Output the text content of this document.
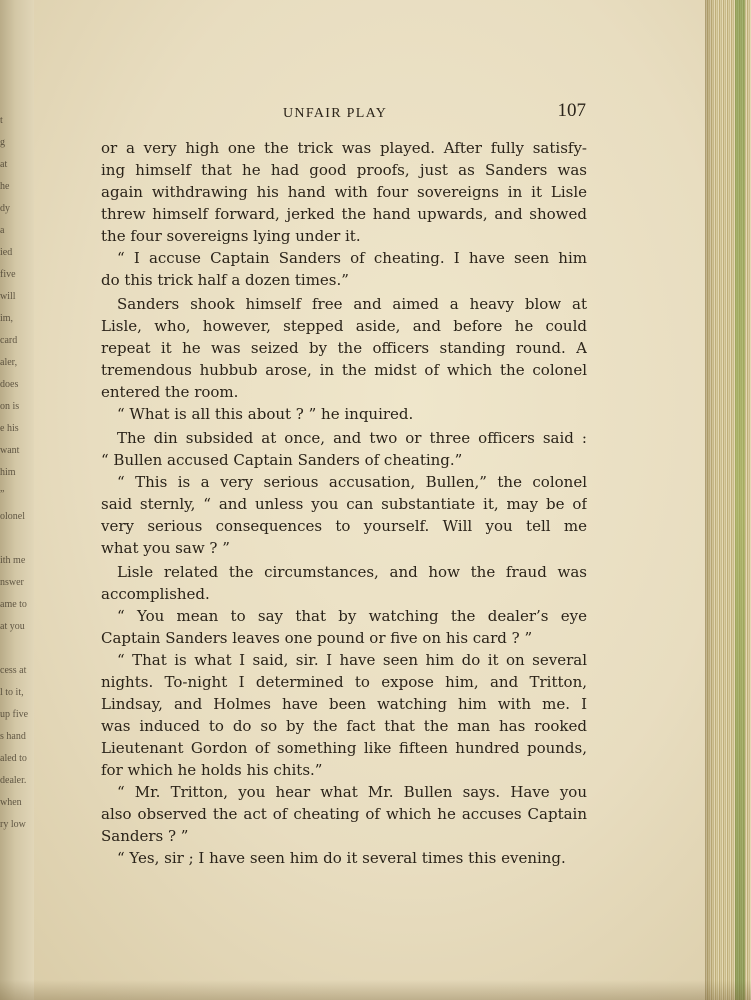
t
g
at
he
dy
a
ied
five
will
im,
card
aler,
does
on is
e his
want
him
”
olonel
ith me
nswer
ame to
at you
cess at
l to it,
up five
s hand
aled to
dealer.
when
ry low
UNFAIR PLAY	107
or a very high one the trick was played. After fully satisfy-
ing himself that he had good proofs, just as Sanders was
again withdrawing his hand with four sovereigns in it Lisle
threw himself forward, jerked the hand upwards, and showed
the four sovereigns lying under it.
“ I accuse Captain Sanders of cheating. I have seen him
do this trick half a dozen times.”
Sanders shook himself free and aimed a heavy blow at
Lisle, who, however, stepped aside, and before he could
repeat it he was seized by the officers standing round. A
tremendous hubbub arose, in the midst of which the colonel
entered the room.
“ What is all this about ? ” he inquired.
The din subsided at once, and two or three officers said :
“ Bullen accused Captain Sanders of cheating.”
“ This is a very serious accusation, Bullen,” the colonel
said sternly, “ and unless you can substantiate it, may be of
very serious consequences to yourself. Will you tell me
what you saw ? ”
Lisle related the circumstances, and how the fraud was
accomplished.
“ You mean to say that by watching the dealer’s eye
Captain Sanders leaves one pound or five on his card ? ”
“ That is what I said, sir. I have seen him do it on several
nights. To-night I determined to expose him, and Tritton,
Lindsay, and Holmes have been watching him with me. I
was induced to do so by the fact that the man has rooked
Lieutenant Gordon of something like fifteen hundred pounds,
for which he holds his chits.”
“ Mr. Tritton, you hear what Mr. Bullen says. Have you
also observed the act of cheating of which he accuses Captain
Sanders ? ”
“ Yes, sir ; I have seen him do it several times this evening.
